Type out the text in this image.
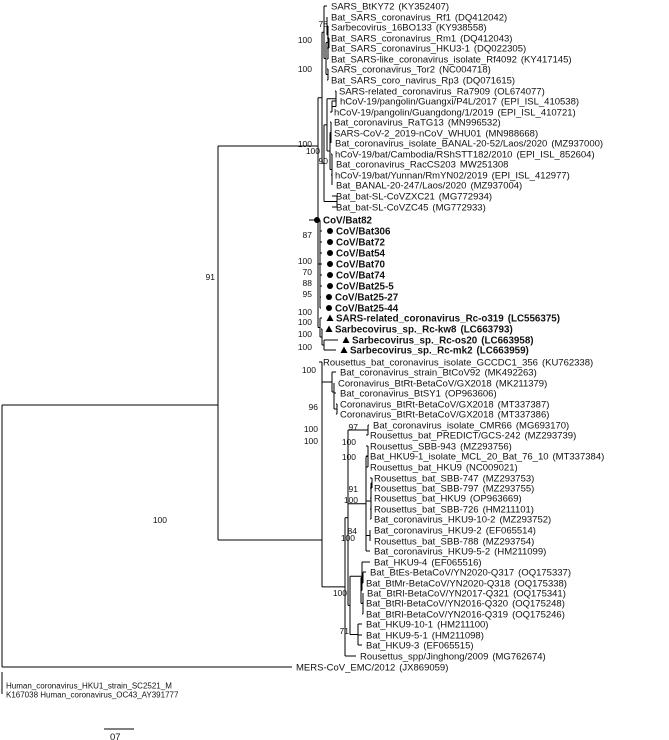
SARS_BtKY72 (KY352407)
Bat_SARS_coronavirus_Rf1 (DQ412042)
Sarbecovirus_16BO133 (KY938558)
Bat_SARS_coronavirus_Rm1 (DQ412043)
Bat_SARS_coronavirus_HKU3-1 (DQ022305)
Bat_SARS-like_coronavirus_isolate_Rf4092 (KY417145)
SARS_coronavirus_Tor2 (NC004718)
Bat_SARS_coro_navirus_Rp3 (DQ071615)
SARS-related_coronavirus_Ra7909 (OL674077)
hCoV-19/pangolin/Guangxi/P4L/2017 (EPI_ISL_410538)
hCoV-19/pangolin/Guangdong/1/2019 (EPI_ISL_410721)
Bat_coronavirus_RaTG13 (MN996532)
SARS-CoV-2_2019-nCoV_WHU01 (MN988668)
Bat_coronavirus_isolate_BANAL-20-52/Laos/2020 (MZ937000)
hCoV-19/bat/Cambodia/RShSTT182/2010 (EPI_ISL_852604)
Bat_coronavirus_RacCS203 MW251308
hCoV-19/bat/Yunnan/RmYN02/2019 (EPI_ISL_412977)
Bat_BANAL-20-247/Laos/2020 (MZ937004)
Bat_bat-SL-CoVZXC21 (MG772934)
Bat_bat-SL-CoVZC45 (MG772933)
CoV/Bat82
CoV/Bat306
CoV/Bat72
CoV/Bat54
CoV/Bat70
CoV/Bat74
CoV/Bat25-5
CoV/Bat25-27
CoV/Bat25-44
SARS-related_coronavirus_Rc-o319 (LC556375)
Sarbecovirus_sp._Rc-kw8 (LC663793)
Sarbecovirus_sp._Rc-os20 (LC663958)
Sarbecovirus_sp._Rc-mk2 (LC663959)
Rousettus_bat_coronavirus_isolate_GCCDC1_356 (KU762338)
Bat_coronavirus_strain_BtCoV92 (MK492263)
Coronavirus_BtRt-BetaCoV/GX2018 (MK211379)
Bat_coronavirus_BtSY1 (OP963606)
Coronavirus_BtRt-BetaCoV/GX2018 (MT337387)
Coronavirus_BtRt-BetaCoV/GX2018 (MT337386)
Bat_coronavirus_isolate_CMR66 (MG693170)
Rousettus_bat_PREDICT/GCS-242 (MZ293739)
Rousettus_SBB-943 (MZ293756)
Bat_HKU9-1_isolate_MCL_20_Bat_76_10 (MT337384)
Rousettus_bat_HKU9 (NC009021)
Rousettus_bat_SBB-747 (MZ293753)
Rousettus_bat_SBB-797 (MZ293755)
Rousettus_bat_HKU9 (OP963669)
Rousettus_bat_SBB-726 (HM211101)
Bat_coronavirus_HKU9-10-2 (MZ293752)
Bat_coronavirus_HKU9-2 (EF065514)
Rousettus_bat_SBB-788 (MZ293754)
Bat_coronavirus_HKU9-5-2 (HM211099)
Bat_HKU9-4 (EF065516)
Bat_BtEs-BetaCoV/YN2020-Q317 (OQ175337)
Bat_BtMr-BetaCoV/YN2020-Q318 (OQ175338)
Bat_BtRl-BetaCoV/YN2017-Q321 (OQ175341)
Bat_BtRl-BetaCoV/YN2016-Q320 (OQ175248)
Bat_BtRl-BetaCoV/YN2016-Q319 (OQ175246)
Bat_HKU9-10-1 (HM211100)
Bat_HKU9-5-1 (HM211098)
Bat_HKU9-3 (EF065515)
Rousettus_spp/Jinghong/2009 (MG762674)
MERS-CoV_EMC/2012 (JX869059)
Human_coronavirus_HKU1_strain_SC2521_M
K167038 Human_coronavirus_OC43_AY391777
78
100
100
100
100
90
87
100
70
88
95
100
100
100
100
91
100
100
96
100
100
97
100
100
91
100
84
100
100
71
07
